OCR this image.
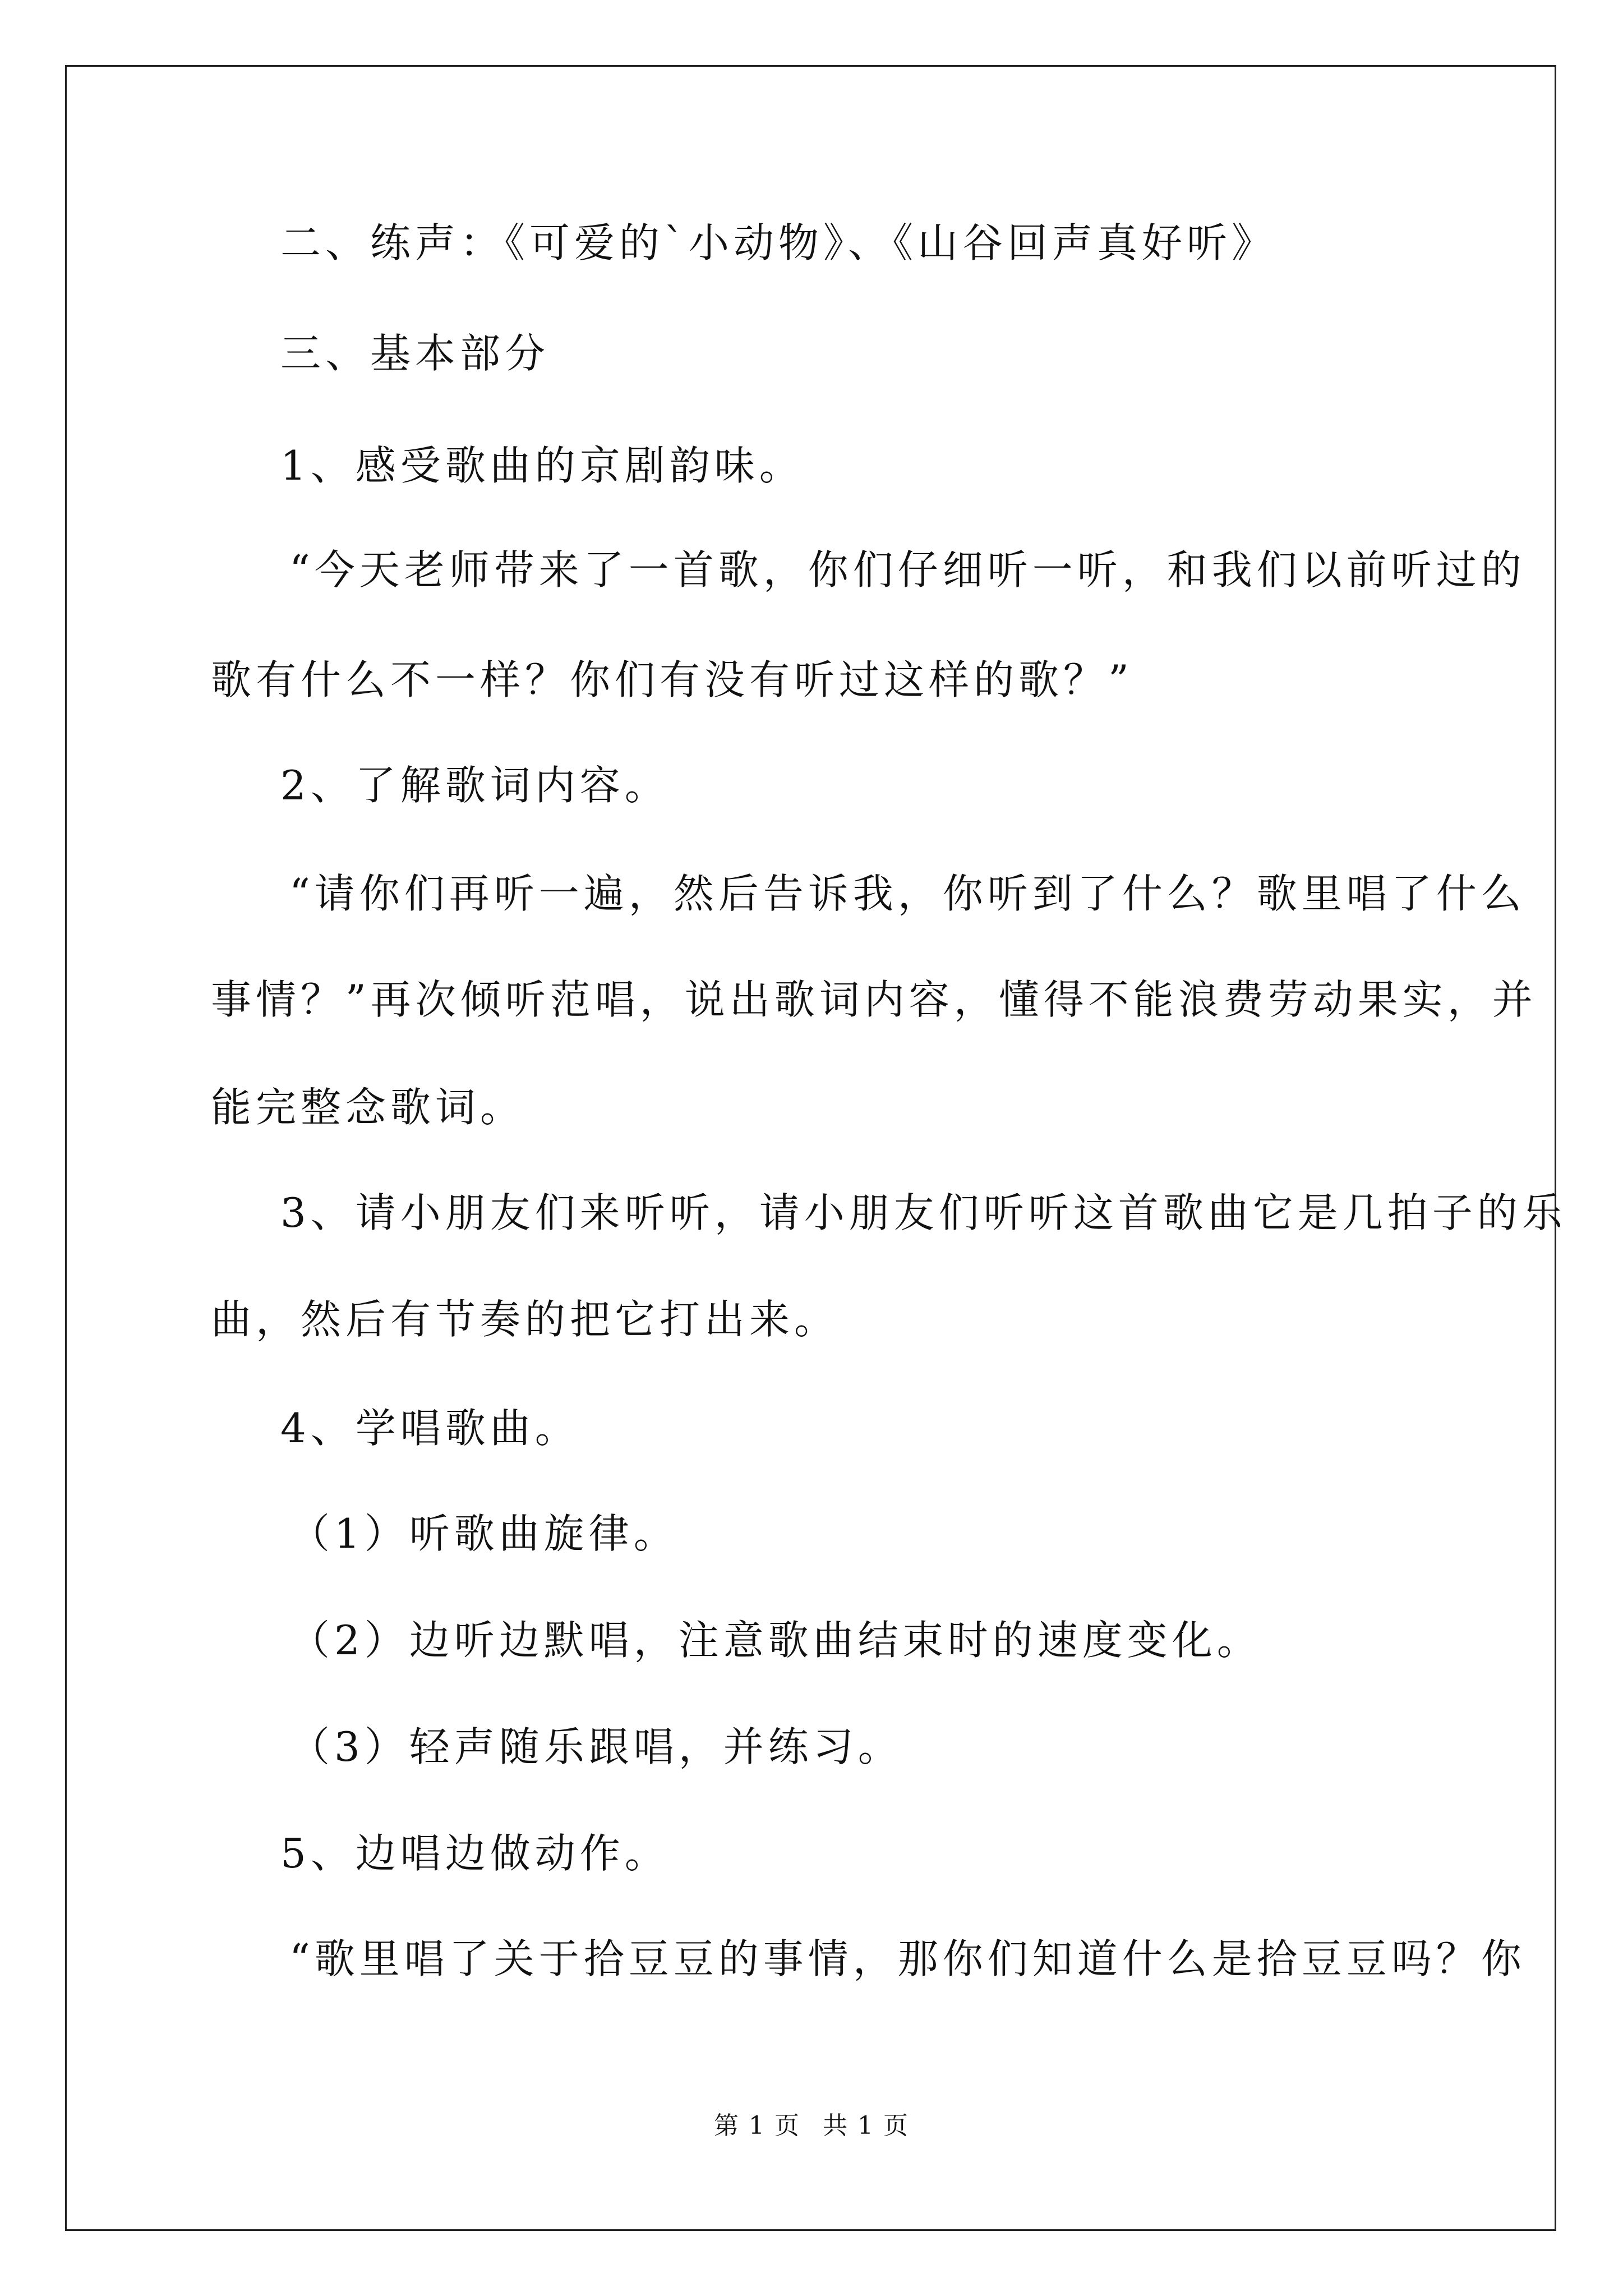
二、练声：《可爱的`小动物》、《山谷回声真好听》
三、基本部分
1、感受歌曲的京剧韵味。
“今天老师带来了一首歌，你们仔细听一听，和我们以前听过的
歌有什么不一样？你们有没有听过这样的歌？”
2、了解歌词内容。
“请你们再听一遍，然后告诉我，你听到了什么？歌里唱了什么
事情？”再次倾听范唱，说出歌词内容，懂得不能浪费劳动果实，并
能完整念歌词。
3、请小朋友们来听听，请小朋友们听听这首歌曲它是几拍子的乐
曲，然后有节奏的把它打出来。
4、学唱歌曲。
（1）听歌曲旋律。
（2）边听边默唱，注意歌曲结束时的速度变化。
（3）轻声随乐跟唱，并练习。
5、边唱边做动作。
“歌里唱了关于拾豆豆的事情，那你们知道什么是拾豆豆吗？你
第 1 页 共 1 页
